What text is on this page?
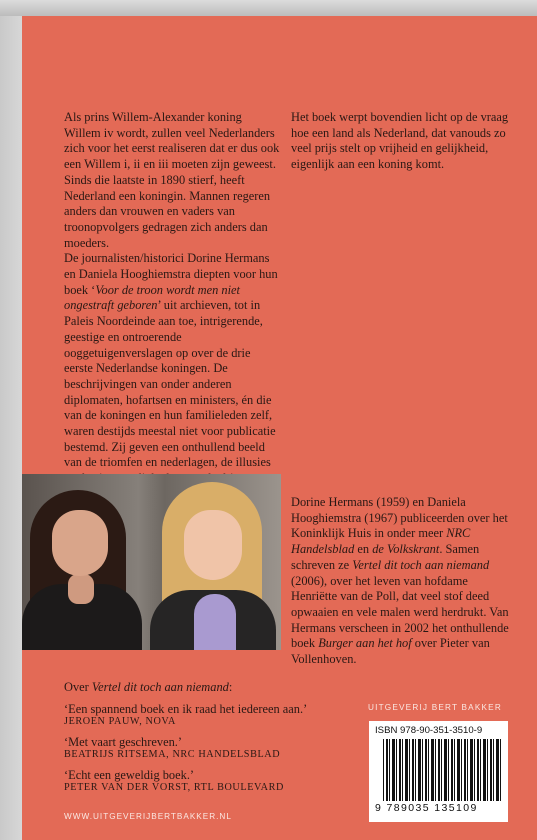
Als prins Willem-Alexander koning Willem iv wordt, zullen veel Nederlanders zich voor het eerst realiseren dat er dus ook een Willem i, ii en iii moeten zijn geweest. Sinds die laatste in 1890 stierf, heeft Nederland een koningin. Mannen regeren anders dan vrouwen en vaders van troonopvolgers gedragen zich anders dan moeders.

De journalisten/historici Dorine Hermans en Daniela Hooghiemstra diepten voor hun boek ‘Voor de troon wordt men niet ongestraft geboren’ uit archieven, tot in Paleis Noordeinde aan toe, intrigerende, geestige en ontroerende ooggetuigenverslagen op over de drie eerste Nederlandse koningen. De beschrijvingen van onder anderen diplomaten, hofartsen en ministers, én die van de koningen en hun familieleden zelf, waren destijds meestal niet voor publicatie bestemd. Zij geven een onthullend beeld van de triomfen en nederlagen, de illusies

Het boek werpt bovendien licht op de vraag hoe een land als Nederland, dat vanouds zo veel prijs stelt op vrijheid en gelijkheid, eigenlijk aan een koning komt.

Dorine Hermans (1959) en Daniela Hooghiemstra (1967) publiceerden over het Koninklijk Huis in onder meer NRC Handelsblad en de Volkskrant. Samen schreven ze Vertel dit toch aan niemand (2006), over het leven van hofdame Henriëtte van de Poll, dat veel stof deed opwaaien en vele malen werd herdrukt. Van Hermans verscheen in 2002 het onthullende boek Burger aan het hof over Pieter van Vollenhoven.

Over Vertel dit toch aan niemand:

‘Een spannend boek en ik raad het iedereen aan.’

JEROEN PAUW, NOVA

‘Met vaart geschreven.’

BEATRIJS RITSEMA, NRC HANDELSBLAD

‘Echt een geweldig boek.’

PETER VAN DER VORST, RTL BOULEVARD

UITGEVERIJ BERT BAKKER

ISBN 978-90-351-3510-9

9 789035 135109

WWW.UITGEVERIJBERTBAKKER.NL
